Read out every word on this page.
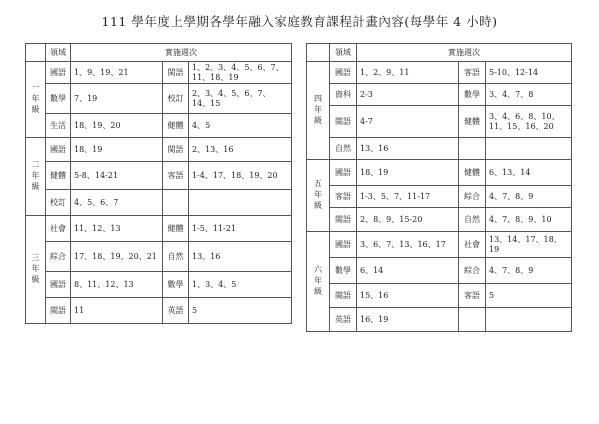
111 學年度上學期各學年融入家庭教育課程計畫內容(每學年 4 小時)
	領域	實施週次		

一
年
級	國語	1、9、19、21	閩語	1、2、3、4、5、6、7、11、18、19
	數學	7、19	校訂	2、3、4、5、6、7、14、15
	生活	18、19、20	健體	4、5

二
年
級	國語	18、19	閩語	2、13、16
	健體	5-8、14-21	客語	1-4、17、18、19、20
	校訂	4、5、6、7		

三
年
級	社會	11、12、13	健體	1-5、11-21
	綜合	17、18、19、20、21	自然	13、16
	國語	8、11、12、13	數學	1、3、4、5
	閩語	11	英語	5
	領域	實施週次		

四
年
級	國語	1、2、9、11	客語	5-10、12-14
	資科	2-3	數學	3、4、7、8
	閩語	4-7	健體	3、4、6、8、10、11、15、16、20
	自然	13、16		

五
年
級	國語	18、19	健體	6、13、14
	客語	1-3、5、7、11-17	綜合	4、7、8、9
	閩語	2、8、9、15-20	自然	4、7、8、9、10

六
年
級	國語	3、6、7、13、16、17	社會	13、14、17、18、19
	數學	6、14	綜合	4、7、8、9
	閩語	15、16	客語	5
	英語	16、19		
